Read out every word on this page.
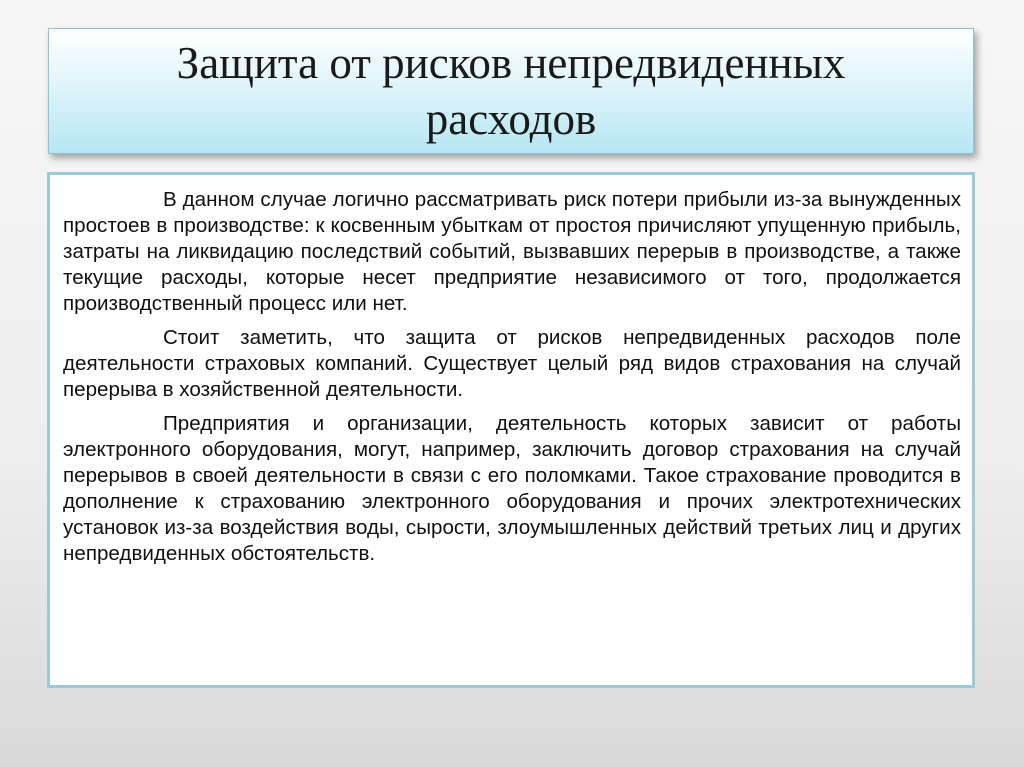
Защита от рисков непредвиденных расходов

В данном случае логично рассматривать риск потери прибыли из-за вынужденных простоев в производстве: к косвенным убыткам от простоя причисляют упущенную прибыль, затраты на ликвидацию последствий событий, вызвавших перерыв в производстве, а также текущие расходы, которые несет предприятие независимого от того, продолжается производственный процесс или нет.

Стоит заметить, что защита от рисков непредвиденных расходов поле деятельности страховых компаний. Существует целый ряд видов страхования на случай перерыва в хозяйственной деятельности.

Предприятия и организации, деятельность которых зависит от работы электронного оборудования, могут, например, заключить договор страхования на случай перерывов в своей деятельности в связи с его поломками. Такое страхование проводится в дополнение к страхованию электронного оборудования и прочих электротехнических установок из-за воздействия воды, сырости, злоумышленных действий третьих лиц и других непредвиденных обстоятельств.
